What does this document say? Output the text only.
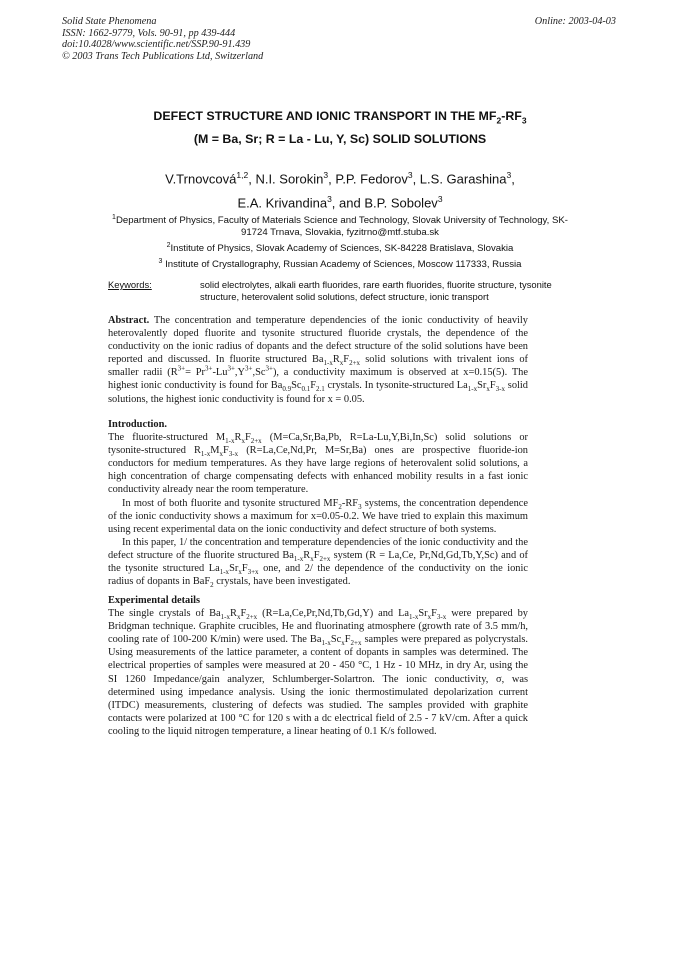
Solid State Phenomena
ISSN: 1662-9779, Vols. 90-91, pp 439-444
doi:10.4028/www.scientific.net/SSP.90-91.439
© 2003 Trans Tech Publications Ltd, Switzerland
Online: 2003-04-03
DEFECT STRUCTURE AND IONIC TRANSPORT IN THE $MF_2-RF_3$
(M = Ba, Sr; R = La - Lu, Y, Sc) SOLID SOLUTIONS
V.Trnovcová$^{1,2}$, N.I. Sorokin$^3$, P.P. Fedorov$^3$, L.S. Garashina$^3$,
E.A. Krivandina$^3$, and B.P. Sobolev$^3$
$^1$Department of Physics, Faculty of Materials Science and Technology, Slovak University of Technology, SK-91724 Trnava, Slovakia, fyzitrno@mtf.stuba.sk
$^2$Institute of Physics, Slovak Academy of Sciences, SK-84228 Bratislava, Slovakia
$^3$ Institute of Crystallography, Russian Academy of Sciences, Moscow 117333, Russia
Keywords:	solid electrolytes, alkali earth fluorides, rare earth fluorides, fluorite structure, tysonite structure, heterovalent solid solutions, defect structure, ionic transport

Abstract. The concentration and temperature dependencies of the ionic conductivity of heavily heterovalently doped fluorite and tysonite structured fluoride crystals, the dependence of the conductivity on the ionic radius of dopants and the defect structure of the solid solutions have been reported and discussed. In fluorite structured $Ba_{1-x}R_xF_{2+x}$ solid solutions with trivalent ions of smaller radii $(R^{3+}= Pr^{3+}-Lu^{3+},Y^{3+},Sc^{3+})$, a conductivity maximum is observed at x=0.15(5). The highest ionic conductivity is found for $Ba_{0.9}Sc_{0.1}F_{2.1}$ crystals. In tysonite-structured $La_{1-x}Sr_xF_{3-x}$ solid solutions, the highest ionic conductivity is found for x = 0.05.

Introduction.

The fluorite-structured $M_{1-x}R_xF_{2+x}$ (M=Ca,Sr,Ba,Pb, R=La-Lu,Y,Bi,In,Sc) solid solutions or tysonite-structured $R_{1-x}M_xF_{3-x}$ (R=La,Ce,Nd,Pr, M=Sr,Ba) ones are prospective fluoride-ion conductors for medium temperatures. As they have large regions of heterovalent solid solutions, a high concentration of charge compensating defects with enhanced mobility results in a fast ionic conductivity already near the room temperature.

In most of both fluorite and tysonite structured $MF_2-RF_3$ systems, the concentration dependence of the ionic conductivity shows a maximum for x=0.05-0.2. We have tried to explain this maximum using recent experimental data on the ionic conductivity and defect structure of both systems.

In this paper, 1/ the concentration and temperature dependencies of the ionic conductivity and the defect structure of the fluorite structured $Ba_{1-x}R_xF_{2+x}$ system (R = La,Ce, Pr,Nd,Gd,Tb,Y,Sc) and of the tysonite structured $La_{1-x}Sr_xF_{3+x}$ one, and 2/ the dependence of the conductivity on the ionic radius of dopants in BaF$_2$ crystals, have been investigated.

Experimental details

The single crystals of $Ba_{1-x}R_xF_{2+x}$ (R=La,Ce,Pr,Nd,Tb,Gd,Y) and $La_{1-x}Sr_xF_{3-x}$ were prepared by Bridgman technique. Graphite crucibles, He and fluorinating atmosphere (growth rate of 3.5 mm/h, cooling rate of 100-200 K/min) were used. The $Ba_{1-x}Sc_xF_{2+x}$ samples were prepared as polycrystals. Using measurements of the lattice parameter, a content of dopants in samples was determined. The electrical properties of samples were measured at 20 - 450 °C, 1 Hz - 10 MHz, in dry Ar, using the SI 1260 Impedance/gain analyzer, Schlumberger-Solartron. The ionic conductivity, σ, was determined using impedance analysis. Using the ionic thermostimulated depolarization current (ITDC) measurements, clustering of defects was studied. The samples provided with graphite contacts were polarized at 100 °C for 120 s with a dc electrical field of 2.5 - 7 kV/cm. After a quick cooling to the liquid nitrogen temperature, a linear heating of 0.1 K/s followed.
